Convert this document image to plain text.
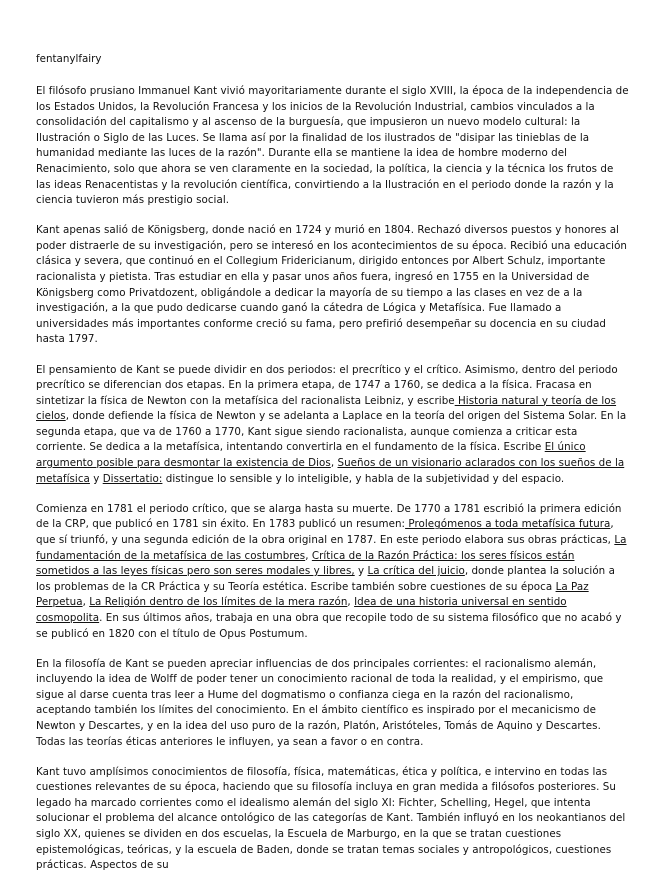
fentanylfairy

El filósofo prusiano Immanuel Kant vivió mayoritariamente durante el siglo XVIII, la época de la independencia de los Estados Unidos, la Revolución Francesa y los inicios de la Revolución Industrial, cambios vinculados a la consolidación del capitalismo y al ascenso de la burguesía, que impusieron un nuevo modelo cultural: la Ilustración o Siglo de las Luces. Se llama así por la finalidad de los ilustrados de "disipar las tinieblas de la humanidad mediante las luces de la razón". Durante ella se mantiene la idea de hombre moderno del Renacimiento, solo que ahora se ven claramente en la sociedad, la política, la ciencia y la técnica los frutos de las ideas Renacentistas y la revolución científica, convirtiendo a la Ilustración en el periodo donde la razón y la ciencia tuvieron más prestigio social.

Kant apenas salió de Königsberg, donde nació en 1724 y murió en 1804. Rechazó diversos puestos y honores al poder distraerle de su investigación, pero se interesó en los acontecimientos de su época. Recibió una educación clásica y severa, que continuó en el Collegium Fridericianum, dirigido entonces por Albert Schulz, importante racionalista y pietista. Tras estudiar en ella y pasar unos años fuera, ingresó en 1755 en la Universidad de Königsberg como Privatdozent, obligándole a dedicar la mayoría de su tiempo a las clases en vez de a la investigación, a la que pudo dedicarse cuando ganó la cátedra de Lógica y Metafísica. Fue llamado a universidades más importantes conforme creció su fama, pero prefirió desempeñar su docencia en su ciudad hasta 1797.

El pensamiento de Kant se puede dividir en dos periodos: el precrítico y el crítico. Asimismo, dentro del periodo precrítico se diferencian dos etapas. En la primera etapa, de 1747 a 1760, se dedica a la física. Fracasa en sintetizar la física de Newton con la metafísica del racionalista Leibniz, y escribe Historia natural y teoría de los cielos, donde defiende la física de Newton y se adelanta a Laplace en la teoría del origen del Sistema Solar. En la segunda etapa, que va de 1760 a 1770, Kant sigue siendo racionalista, aunque comienza a criticar esta corriente. Se dedica a la metafísica, intentando convertirla en el fundamento de la física. Escribe El único argumento posible para desmontar la existencia de Dios, Sueños de un visionario aclarados con los sueños de la metafísica y Dissertatio: distingue lo sensible y lo inteligible, y habla de la subjetividad y del espacio.

Comienza en 1781 el periodo crítico, que se alarga hasta su muerte. De 1770 a 1781 escribió la primera edición de la CRP, que publicó en 1781 sin éxito. En 1783 publicó un resumen: Prolegómenos a toda metafísica futura, que sí triunfó, y una segunda edición de la obra original en 1787. En este periodo elabora sus obras prácticas, La fundamentación de la metafísica de las costumbres, Crítica de la Razón Práctica: los seres físicos están sometidos a las leyes físicas pero son seres modales y libres, y La crítica del juicio, donde plantea la solución a los problemas de la CR Práctica y su Teoría estética. Escribe también sobre cuestiones de su época La Paz Perpetua, La Religión dentro de los límites de la mera razón, Idea de una historia universal en sentido cosmopolita. En sus últimos años, trabaja en una obra que recopile todo de su sistema filosófico que no acabó y se publicó en 1820 con el título de Opus Postumum.

En la filosofía de Kant se pueden apreciar influencias de dos principales corrientes: el racionalismo alemán, incluyendo la idea de Wolff de poder tener un conocimiento racional de toda la realidad, y el empirismo, que sigue al darse cuenta tras leer a Hume del dogmatismo o confianza ciega en la razón del racionalismo, aceptando también los límites del conocimiento. En el ámbito científico es inspirado por el mecanicismo de Newton y Descartes, y en la idea del uso puro de la razón, Platón, Aristóteles, Tomás de Aquino y Descartes. Todas las teorías éticas anteriores le influyen, ya sean a favor o en contra.

Kant tuvo amplísimos conocimientos de filosofía, física, matemáticas, ética y política, e intervino en todas las cuestiones relevantes de su época, haciendo que su filosofía incluya en gran medida a filósofos posteriores. Su legado ha marcado corrientes como el idealismo alemán del siglo XI: Fichter, Schelling, Hegel, que intenta solucionar el problema del alcance ontológico de las categorías de Kant. También influyó en los neokantianos del siglo XX, quienes se dividen en dos escuelas, la Escuela de Marburgo, en la que se tratan cuestiones epistemológicas, teóricas, y la escuela de Baden, donde se tratan temas sociales y antropológicos, cuestiones prácticas. Aspectos de su
